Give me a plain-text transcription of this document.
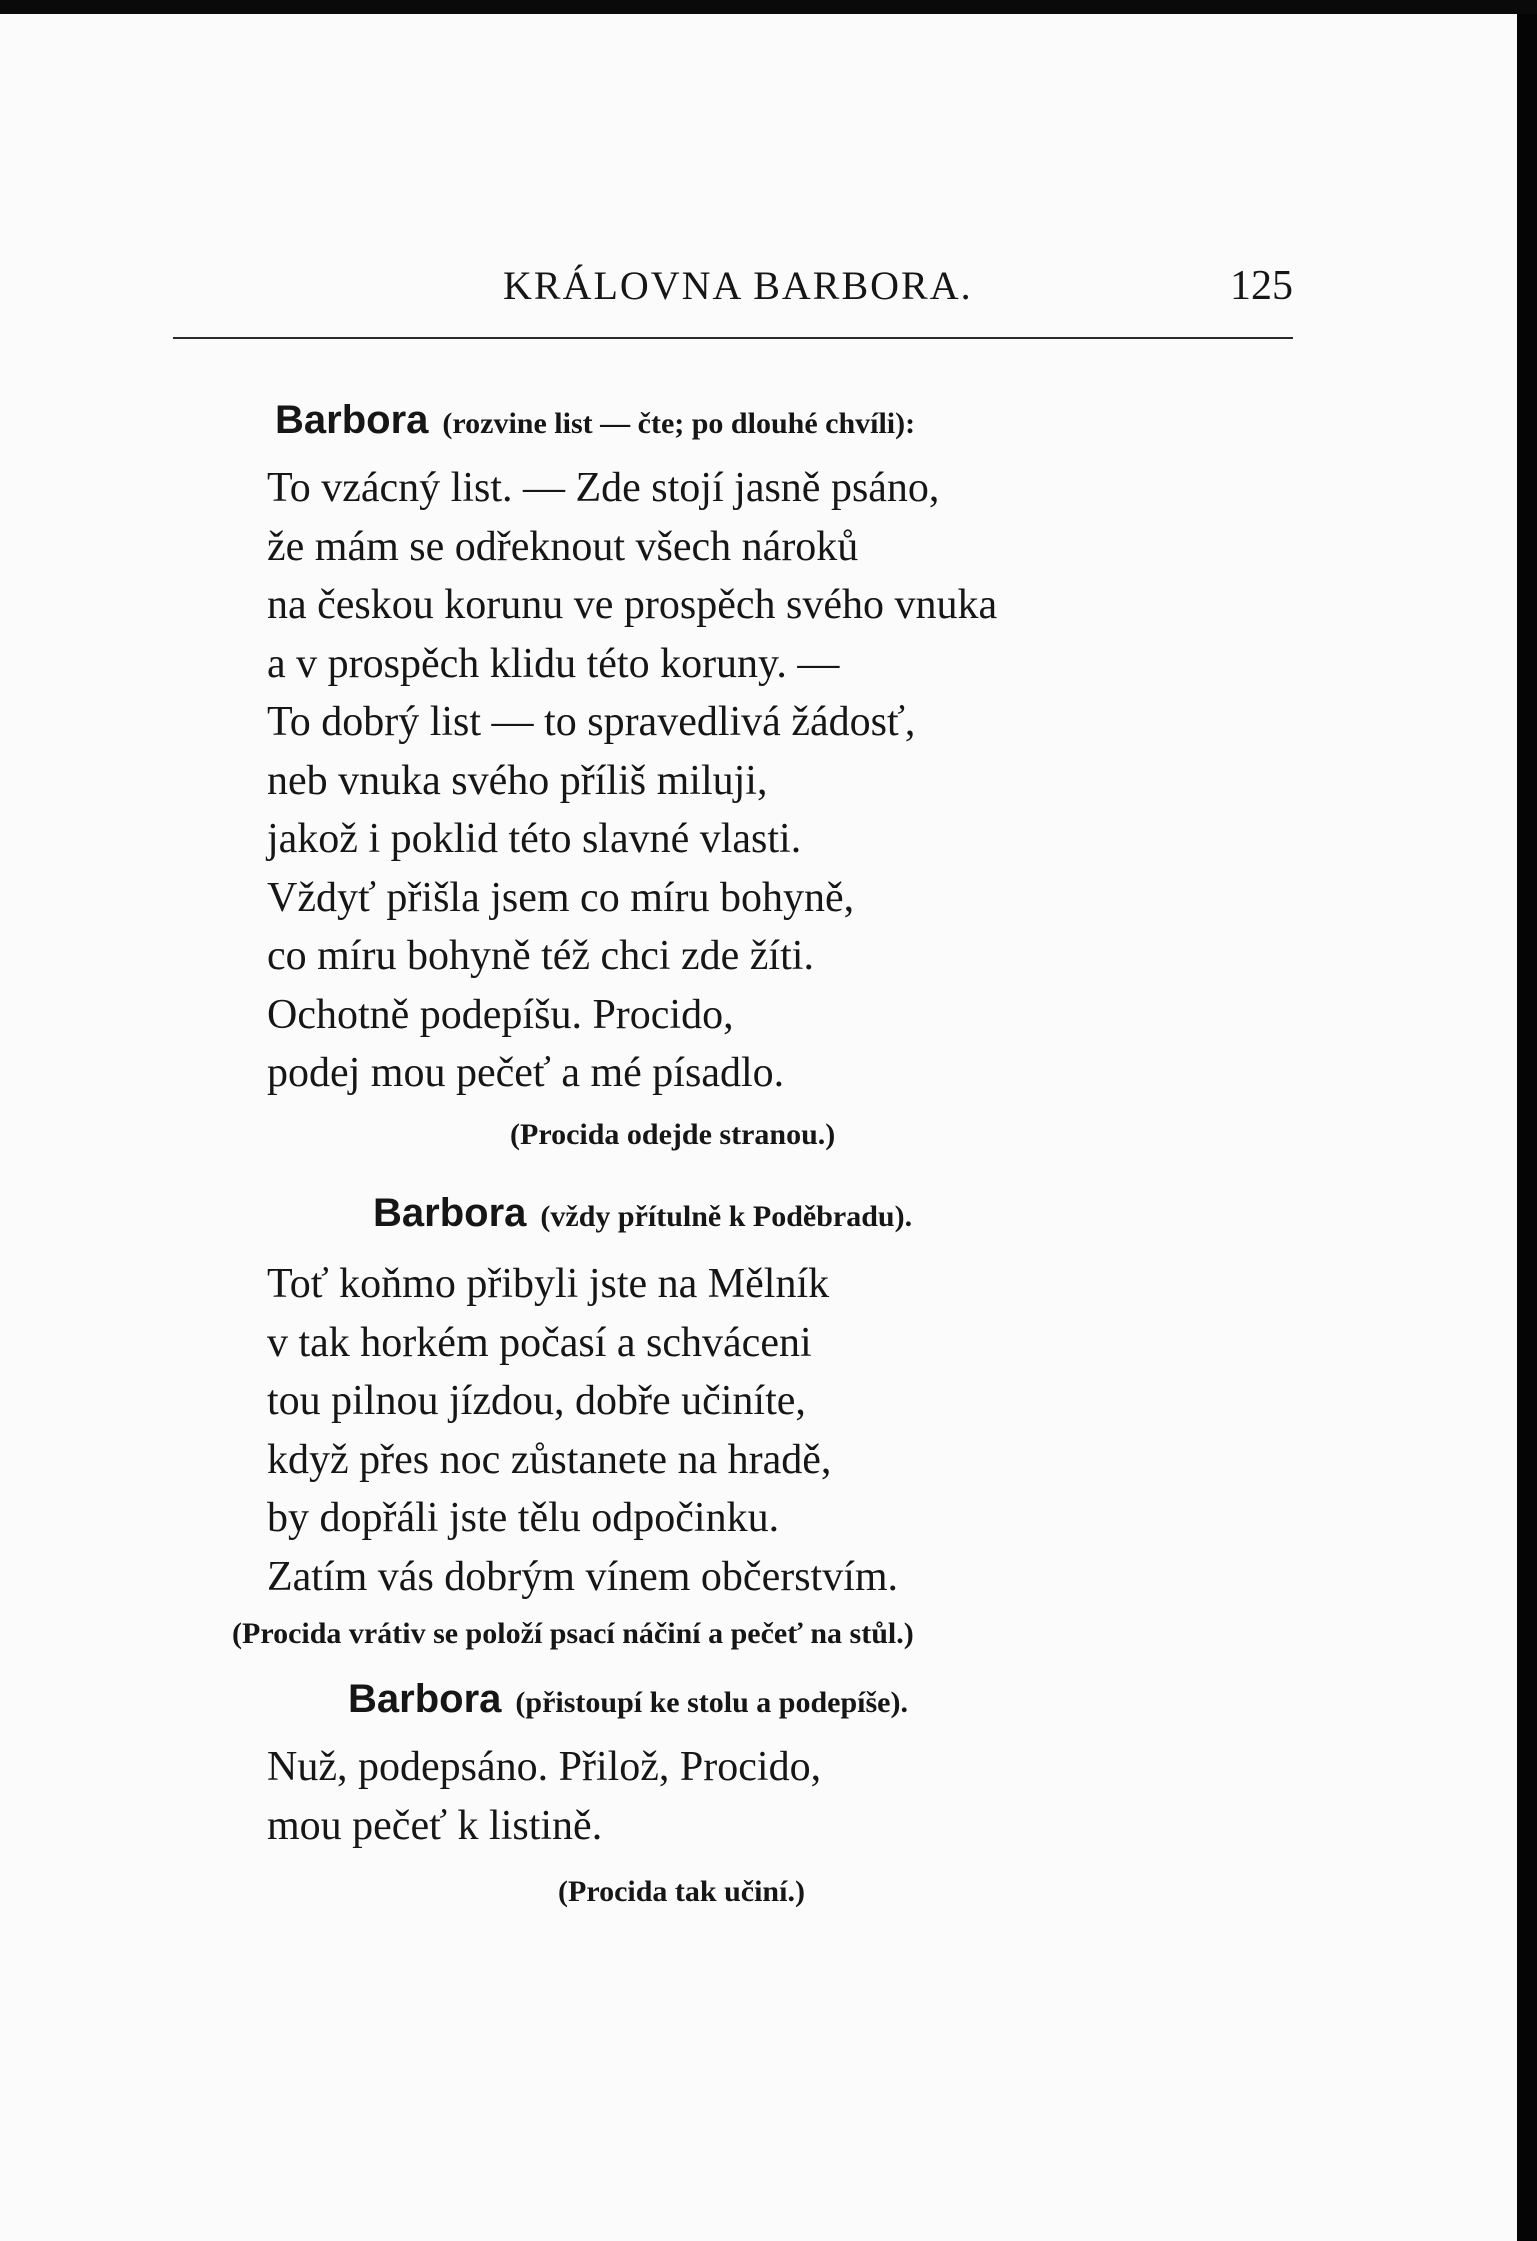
KRÁLOVNA BARBORA.	125
Barbora (rozvine list — čte; po dlouhé chvíli):
To vzácný list. — Zde stojí jasně psáno,
že mám se odřeknout všech nároků
na českou korunu ve prospěch svého vnuka
a v prospěch klidu této koruny. —
To dobrý list — to spravedlivá žádosť,
neb vnuka svého příliš miluji,
jakož i poklid této slavné vlasti.
Vždyť přišla jsem co míru bohyně,
co míru bohyně též chci zde žíti.
Ochotně podepíšu. Procido,
podej mou pečeť a mé písadlo.
(Procida odejde stranou.)
Barbora (vždy přítulně k Poděbradu).
Toť koňmo přibyli jste na Mělník
v tak horkém počasí a schváceni
tou pilnou jízdou, dobře učiníte,
když přes noc zůstanete na hradě,
by dopřáli jste tělu odpočinku.
Zatím vás dobrým vínem občerstvím.
(Procida vrátiv se položí psací náčiní a pečeť na stůl.)
Barbora (přistoupí ke stolu a podepíše).
Nuž, podepsáno. Přilož, Procido,
mou pečeť k listině.
(Procida tak učiní.)
